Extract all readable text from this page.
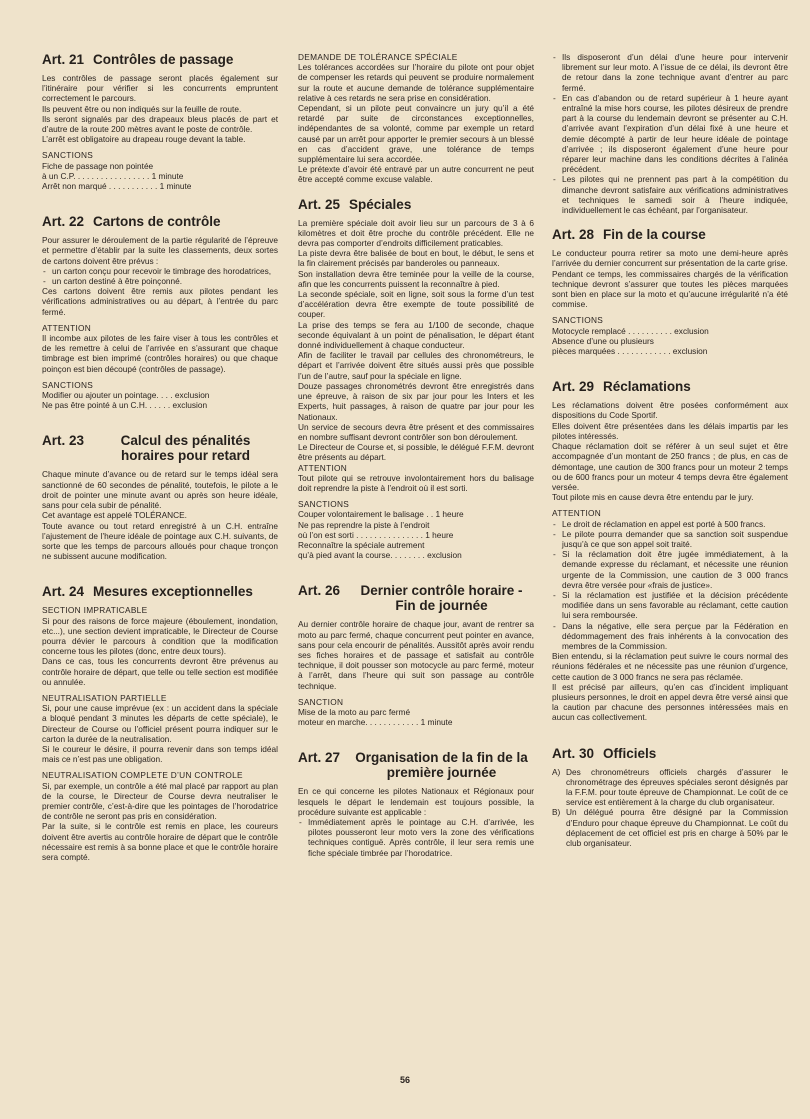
Art. 21 Contrôles de passage

Les contrôles de passage seront placés également sur l’itinéraire pour vérifier si les concurrents empruntent correctement le parcours.

Ils peuvent être ou non indiqués sur la feuille de route.

Ils seront signalés par des drapeaux bleus placés de part et d’autre de la route 200 mètres avant le poste de contrôle.

L’arrêt est obligatoire au drapeau rouge devant la table.

SANCTIONS
Fiche de passage non pointée
à un C.P. . . . . . . . . . . . . . . . . 1 minute
Arrêt non marqué . . . . . . . . . . . 1 minute
Art. 22 Cartons de contrôle

Pour assurer le déroulement de la partie régularité de l’épreuve et permettre d’établir par la suite les classements, deux sortes de cartons doivent être prévus :

- un carton conçu pour recevoir le timbrage des horodatrices,
- un carton destiné à être poinçonné.

Ces cartons doivent être remis aux pilotes pendant les vérifications administratives ou au départ, à l’entrée du parc fermé.

ATTENTION

Il incombe aux pilotes de les faire viser à tous les contrôles et de les remettre à celui de l’arrivée en s’assurant que chaque timbrage est bien imprimé (contrôles horaires) ou que chaque poinçon est bien découpé (contrôles de passage).

SANCTIONS
Modifier ou ajouter un pointage. . . . exclusion
Ne pas être pointé à un C.H. . . . . . exclusion
Art. 23	Calcul des pénalités horaires pour retard

Chaque minute d’avance ou de retard sur le temps idéal sera sanctionné de 60 secondes de pénalité, toutefois, le pilote a le droit de pointer une minute avant ou après son heure idéale, sans pour cela subir de pénalité.

Cet avantage est appelé TOLÉRANCE.

Toute avance ou tout retard enregistré à un C.H. entraîne l’ajustement de l’heure idéale de pointage aux C.H. suivants, de sorte que les temps de parcours alloués pour chaque tronçon ne subissent aucune modification.

Art. 24 Mesures exceptionnelles
SECTION IMPRATICABLE

Si pour des raisons de force majeure (éboulement, inondation, etc...), une section devient impraticable, le Directeur de Course pourra dévier le parcours à condition que la modification concerne tous les pilotes (donc, entre deux tours).

Dans ce cas, tous les concurrents devront être prévenus au contrôle horaire de départ, que telle ou telle section est modifiée ou annulée.

NEUTRALISATION PARTIELLE

Si, pour une cause imprévue (ex : un accident dans la spéciale a bloqué pendant 3 minutes les départs de cette spéciale), le Directeur de Course ou l’officiel présent pourra indiquer sur le carton la durée de la neutralisation.

Si le coureur le désire, il pourra revenir dans son temps idéal mais ce n’est pas une obligation.

NEUTRALISATION COMPLETE D’UN CONTROLE

Si, par exemple, un contrôle a été mal placé par rapport au plan de la course, le Directeur de Course devra neutraliser le premier contrôle, c’est-à-dire que les pointages de l’horodatrice de contrôle ne seront pas pris en considération.

Par la suite, si le contrôle est remis en place, les coureurs doivent être avertis au contrôle horaire de départ que le contrôle nécessaire est remis à sa bonne place et que le contrôle horaire sera compté.

DEMANDE DE TOLÉRANCE SPÉCIALE

Les tolérances accordées sur l’horaire du pilote ont pour objet de compenser les retards qui peuvent se produire normalement sur la route et aucune demande de tolérance supplémentaire relative à ces retards ne sera prise en considération.

Cependant, si un pilote peut convaincre un jury qu’il a été retardé par suite de circonstances exceptionnelles, indépendantes de sa volonté, comme par exemple un retard causé par un arrêt pour apporter le premier secours à un blessé en cas d’accident grave, une tolérance de temps supplémentaire lui sera accordée.

Le prétexte d’avoir été entravé par un autre concurrent ne peut être accepté comme excuse valable.

Art. 25 Spéciales

La première spéciale doit avoir lieu sur un parcours de 3 à 6 kilomètres et doit être proche du contrôle précédent. Elle ne devra pas comporter d’endroits difficilement praticables.

La piste devra être balisée de bout en bout, le début, le sens et la fin clairement précisés par banderoles ou panneaux.

Son installation devra être teminée pour la veille de la course, afin que les concurrents puissent la reconnaître à pied.

La seconde spéciale, soit en ligne, soit sous la forme d’un test d’accélération devra être exempte de toute possibilité de couper.

La prise des temps se fera au 1/100 de seconde, chaque seconde équivalant à un point de pénalisation, le départ étant donné individuellement à chaque conducteur.

Afin de faciliter le travail par cellules des chronométreurs, le départ et l’arrivée doivent être situés aussi près que possible l’un de l’autre, sauf pour la spéciale en ligne.

Douze passages chronométrés devront être enregistrés dans une épreuve, à raison de six par jour pour les Inters et les Experts, huit passages, à raison de quatre par jour pour les Nationaux.

Un service de secours devra être présent et des commissaires en nombre suffisant devront contrôler son bon déroulement.

Le Directeur de Course et, si possible, le délégué F.F.M. devront être présents au départ.

ATTENTION

Tout pilote qui se retrouve involontairement hors du balisage doit reprendre la piste à l’endroit où il est sorti.

SANCTIONS
Couper volontairement le balisage . . 1 heure
Ne pas reprendre la piste à l’endroit
où l’on est sorti . . . . . . . . . . . . . . . 1 heure
Reconnaître la spéciale autrement
qu’à pied avant la course. . . . . . . . exclusion
Art. 26	Dernier contrôle horaire - Fin de journée

Au dernier contrôle horaire de chaque jour, avant de rentrer sa moto au parc fermé, chaque concurrent peut pointer en avance, sans pour cela encourir de pénalités. Aussitôt après avoir rendu ses fiches horaires et de passage et satisfait au contrôle technique, il doit pousser son motocycle au parc fermé, moteur à l’arrêt, dans l’heure qui suit son passage au contrôle technique.

SANCTION
Mise de la moto au parc fermé
moteur en marche. . . . . . . . . . . . 1 minute
Art. 27	Organisation de la fin de la première journée

En ce qui concerne les pilotes Nationaux et Régionaux pour lesquels le départ le lendemain est toujours possible, la procédure suivante est applicable :

- Immédiatement après le pointage au C.H. d’arrivée, les pilotes pousseront leur moto vers la zone des vérifications techniques contiguë. Après contrôle, il leur sera remis une fiche spéciale timbrée par l’horodatrice.
- Ils disposeront d’un délai d’une heure pour intervenir librement sur leur moto. A l’issue de ce délai, ils devront être de retour dans la zone technique avant d’entrer au parc fermé.
- En cas d’abandon ou de retard supérieur à 1 heure ayant entraîné la mise hors course, les pilotes désireux de prendre part à la course du lendemain devront se présenter au C.H. d’arrivée avant l’expiration d’un délai fixé à une heure et demie décompté à partir de leur heure idéale de pointage d’arrivée ; ils disposeront également d’une heure pour réparer leur machine dans les conditions décrites à l’alinéa précédent.
- Les pilotes qui ne prennent pas part à la compétition du dimanche devront satisfaire aux vérifications administratives et techniques le samedi soir à l’heure indiquée, individuellement le cas échéant, par l’organisateur.
Art. 28 Fin de la course

Le conducteur pourra retirer sa moto une demi-heure après l’arrivée du dernier concurrent sur présentation de la carte grise.

Pendant ce temps, les commissaires chargés de la vérification technique devront s’assurer que toutes les pièces marquées sont bien en place sur la moto et qu’aucune irrégularité n’a été commise.

SANCTIONS
Motocycle remplacé . . . . . . . . . . exclusion
Absence d’une ou plusieurs
pièces marquées . . . . . . . . . . . . exclusion
Art. 29 Réclamations

Les réclamations doivent être posées conformément aux dispositions du Code Sportif.

Elles doivent être présentées dans les délais impartis par les pilotes intéressés.

Chaque réclamation doit se référer à un seul sujet et être accompagnée d’un montant de 250 francs ; de plus, en cas de démontage, une caution de 300 francs pour un moteur 2 temps ou de 600 francs pour un moteur 4 temps devra être également versée.

Tout pilote mis en cause devra être entendu par le jury.

ATTENTION
- Le droit de réclamation en appel est porté à 500 francs.
- Le pilote pourra demander que sa sanction soit suspendue jusqu’à ce que son appel soit traité.
- Si la réclamation doit être jugée immédiatement, à la demande expresse du réclamant, et nécessite une réunion urgente de la Commission, une caution de 3 000 francs devra être versée pour «frais de justice».
- Si la réclamation est justifiée et la décision précédente modifiée dans un sens favorable au réclamant, cette caution lui sera remboursée.
- Dans la négative, elle sera perçue par la Fédération en dédommagement des frais inhérents à la convocation des membres de la Commission.

Bien entendu, si la réclamation peut suivre le cours normal des réunions fédérales et ne nécessite pas une réunion d’urgence, cette caution de 3 000 francs ne sera pas réclamée.

Il est précisé par ailleurs, qu’en cas d’incident impliquant plusieurs personnes, le droit en appel devra être versé ainsi que la caution par chacune des personnes intéressées mais en aucun cas collectivement.

Art. 30 Officiels
A) Des chronométreurs officiels chargés d’assurer le chronométrage des épreuves spéciales seront désignés par la F.F.M. pour toute épreuve de Championnat. Le coût de ce service est entièrement à la charge du club organisateur.
B) Un délégué pourra être désigné par la Commission d’Enduro pour chaque épreuve du Championnat. Le coût du déplacement de cet officiel est pris en charge à 50% par le club organisateur.
56
